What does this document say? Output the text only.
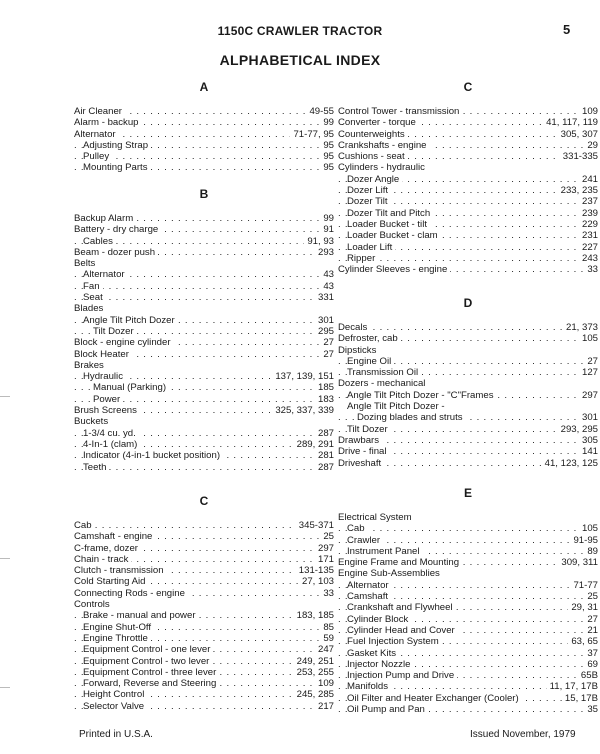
1150C CRAWLER TRACTOR	5
ALPHABETICAL INDEX
A
. . . Air Cleaner	49-55
. . . Alarm - backup	99
. . . Alternator	71-77, 95
. . . Adjusting Strap	95
. . . Pulley	95
. . . Mounting Parts	95
B
. . . Backup Alarm	99
. . . Battery - dry charge	91
. . . Cables	91, 93
. . . Beam - dozer push	293
Belts
. . . Alternator	43
. . . Fan	43
. . . Seat	331
Blades
. . . Angle Tilt Pitch Dozer	301
. . . Tilt Dozer	295
. . . Block - engine cylinder	27
. . . Block Heater	27
Brakes
. . . Hydraulic	137, 139, 151
. . . Manual (Parking)	185
. . . Power	183
. . . Brush Screens	325, 337, 339
Buckets
. . . 1-3/4 cu. yd.	287
. . . 4-In-1 (clam)	289, 291
. . . Indicator (4-in-1 bucket position)	281
. . . Teeth	287
C
. . . Cab	345-371
. . . Camshaft - engine	25
. . . C-frame, dozer	297
. . . Chain - track	171
. . . Clutch - transmission	131-135
. . . Cold Starting Aid	27, 103
. . . Connecting Rods - engine	33
Controls
. . . Brake - manual and power	183, 185
. . . Engine Shut-Off	85
. . . Engine Throttle	59
. . . Equipment Control - one lever	247
. . . Equipment Control - two lever	249, 251
. . . Equipment Control - three lever	253, 255
. . . Forward, Reverse and Steering	109
. . . Height Control	245, 285
. . . Selector Valve	217
C
. . . Control Tower - transmission	109
. . . Converter - torque	41, 117, 119
. . . Counterweights	305, 307
. . . Crankshafts - engine	29
. . . Cushions - seat	331-335
Cylinders - hydraulic
. . . Dozer Angle	241
. . . Dozer Lift	233, 235
. . . Dozer Tilt	237
. . . Dozer Tilt and Pitch	239
. . . Loader Bucket - tilt	229
. . . Loader Bucket - clam	231
. . . Loader Lift	227
. . . Ripper	243
. . . Cylinder Sleeves - engine	33
D
. . . Decals	21, 373
. . . Defroster, cab	105
Dipsticks
. . . Engine Oil	27
. . . Transmission Oil	127
Dozers - mechanical
. . . Angle Tilt Pitch Dozer - "C"Frames	297
Angle Tilt Pitch Dozer -
. . . Dozing blades and struts	301
. . . Tilt Dozer	293, 295
. . . Drawbars	305
. . . Drive - final	141
. . . Driveshaft	41, 123, 125
E
Electrical System
. . . Cab	105
. . . Crawler	91-95
. . . Instrument Panel	89
. . . Engine Frame and Mounting	309, 311
Engine Sub-Assemblies
. . . Alternator	71-77
. . . Camshaft	25
. . . Crankshaft and Flywheel	29, 31
. . . Cylinder Block	27
. . . Cylinder Head and Cover	21
. . . Fuel Injection System	63, 65
. . . Gasket Kits	37
. . . Injector Nozzle	69
. . . Injection Pump and Drive	65B
. . . Manifolds	11, 17, 17B
. . . Oil Filter and Heater Exchanger (Cooler)	15, 17B
. . . Oil Pump and Pan	35
Printed in U.S.A.	Issued November, 1979
